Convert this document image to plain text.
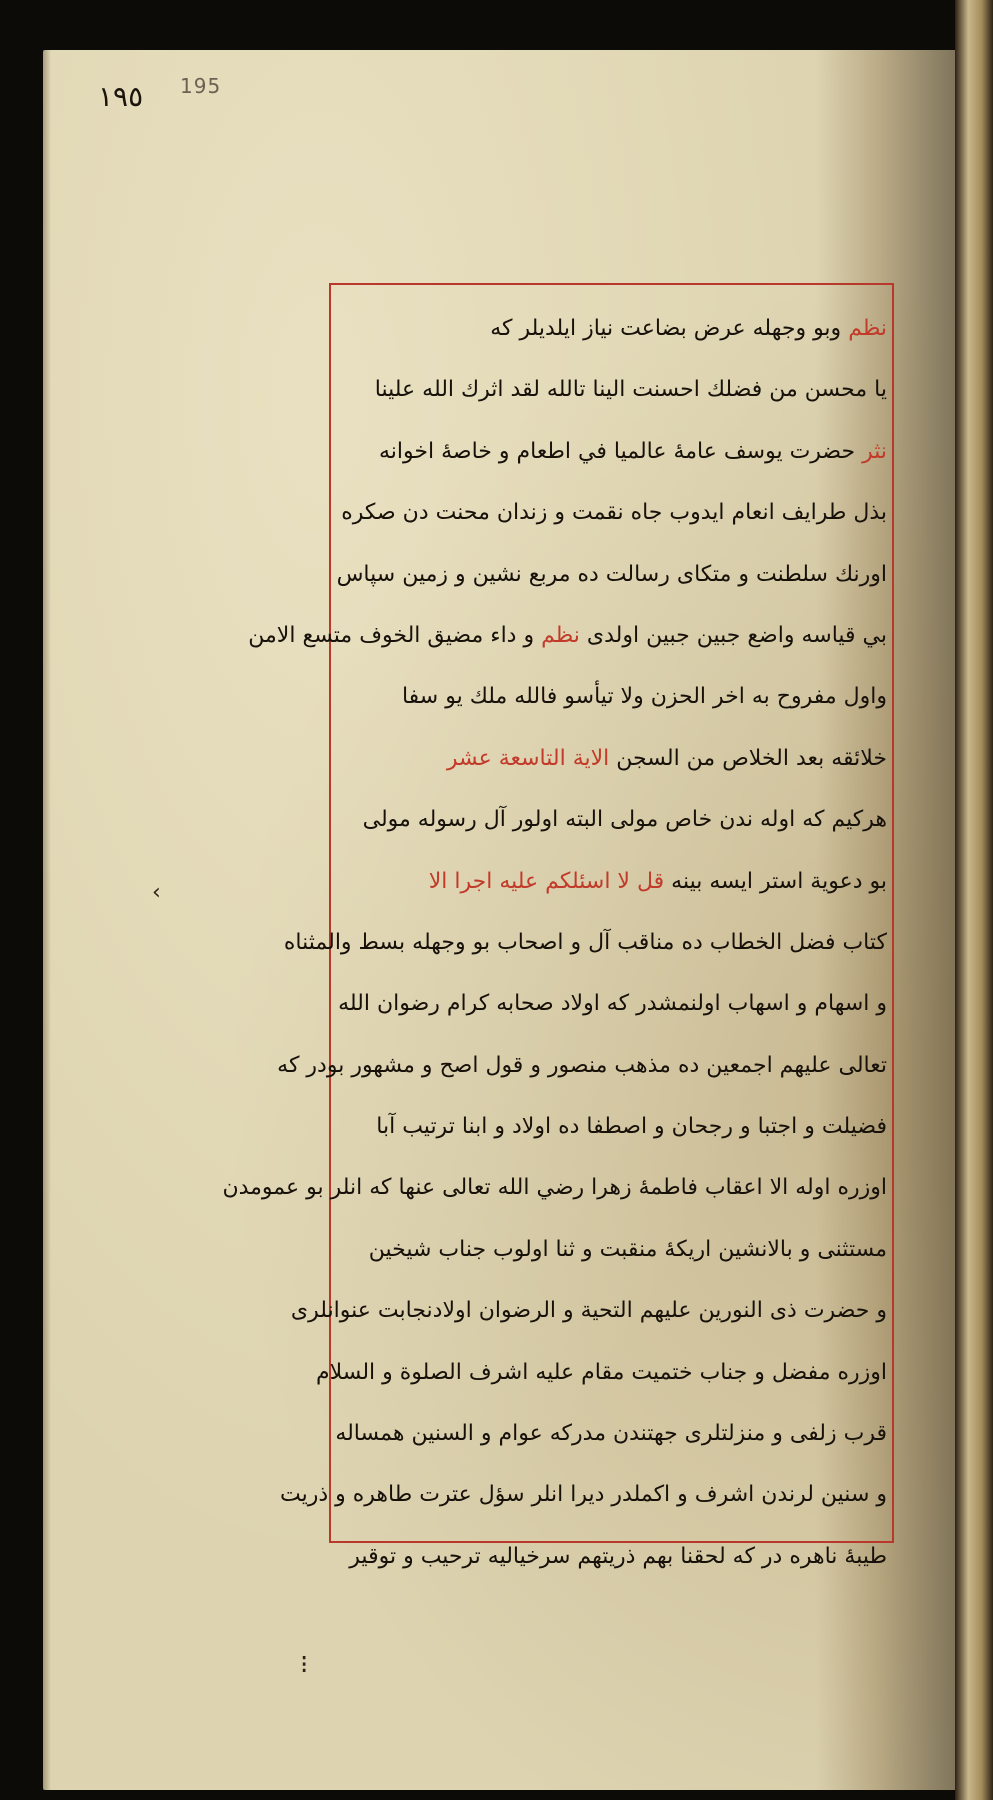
١٩٥ 195
نظم وبو وجهله عرض بضاعت نياز ايلديلر كه
يا محسن من فضلك احسنت الينا تالله لقد اثرك الله علينا
نثر حضرت يوسف عامهٔ عالميا في اطعام و خاصهٔ اخوانه
بذل طرايف انعام ايدوب جاه نقمت و زندان محنت دن صكره
اورنك سلطنت و متكاى رسالت ده مربع نشين و زمين سپاس
بي قياسه واضع جبين جبين اولدى نظم و داء مضيق الخوف متسع الامن
واول مفروح به اخر الحزن ولا تيأسو فالله ملك يو سفا
خلائقه بعد الخلاص من السجن الاية التاسعة عشر
هركيم كه اوله ندن خاص مولى البته اولور آل رسوله مولى
بو دعوية استر ايسه بينه قل لا اسئلكم عليه اجرا الا
كتاب فضل الخطاب ده مناقب آل و اصحاب بو وجهله بسط والمثناه
و اسهام و اسهاب اولنمشدر كه اولاد صحابه كرام رضوان الله
تعالى عليهم اجمعين ده مذهب منصور و قول اصح و مشهور بودر كه
فضيلت و اجتبا و رجحان و اصطفا ده اولاد و ابنا ترتيب آبا
اوزره اوله الا اعقاب فاطمهٔ زهرا رضي الله تعالى عنها كه انلر بو عمومدن
مستثنى و بالانشين اريكهٔ منقبت و ثنا اولوب جناب شيخين
و حضرت ذى النورين عليهم التحية و الرضوان اولادنجابت عنوانلرى
اوزره مفضل و جناب ختميت مقام عليه اشرف الصلوة و السلام
قرب زلفى و منزلتلرى جهتندن مدركه عوام و السنين همساله
و سنين لرندن اشرف و اكملدر ديرا انلر سؤل عترت طاهره و ذريت
طيبهٔ ناهره در كه لحقنا بهم ذريتهم سرخياليه ترحيب و توقير
‹
⁝
